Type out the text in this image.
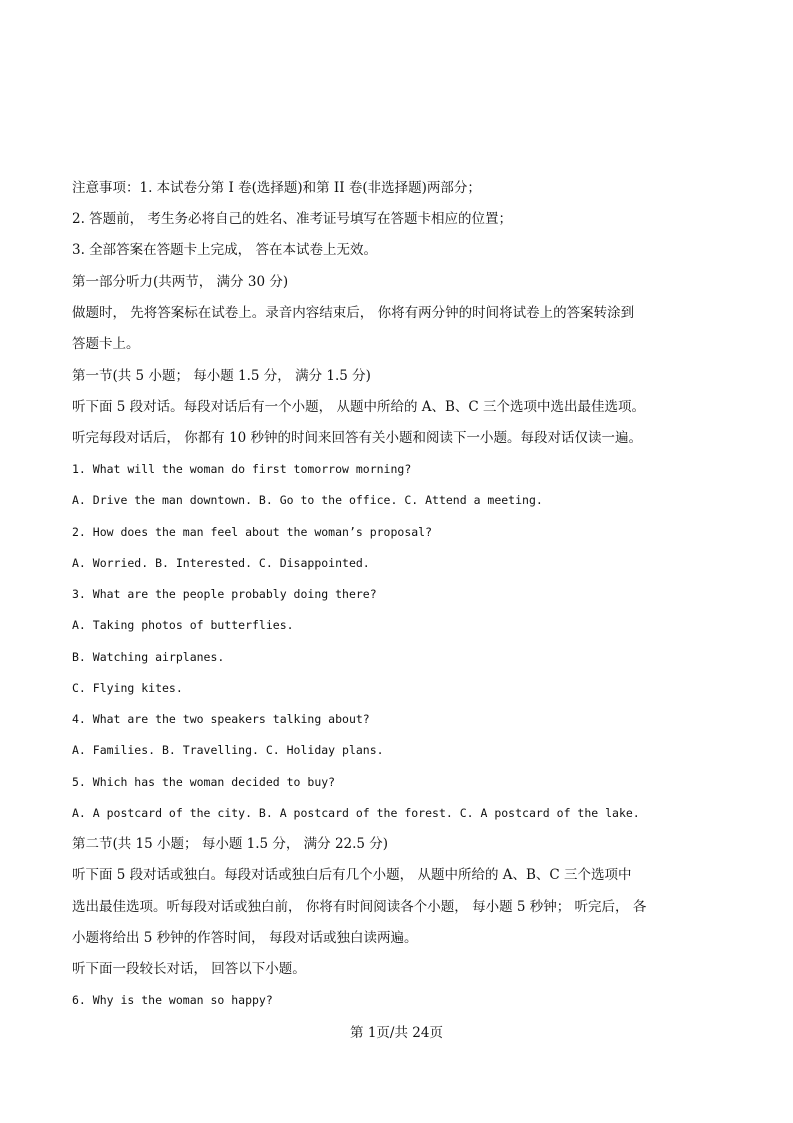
注意事项：1. 本试卷分第 I 卷(选择题)和第 II 卷(非选择题)两部分；
2. 答题前， 考生务必将自己的姓名、准考证号填写在答题卡相应的位置；
3. 全部答案在答题卡上完成， 答在本试卷上无效。
第一部分听力(共两节， 满分 30 分)
做题时， 先将答案标在试卷上。录音内容结束后， 你将有两分钟的时间将试卷上的答案转涂到
答题卡上。
第一节(共 5 小题； 每小题 1.5 分， 满分 1.5 分)
听下面 5 段对话。每段对话后有一个小题， 从题中所给的 A、B、C 三个选项中选出最佳选项。
听完每段对话后， 你都有 10 秒钟的时间来回答有关小题和阅读下一小题。每段对话仅读一遍。
1. What will the woman do first tomorrow morning?
A. Drive the man downtown. B. Go to the office. C. Attend a meeting.
2. How does the man feel about the woman’s proposal?
A. Worried. B. Interested. C. Disappointed.
3. What are the people probably doing there?
A. Taking photos of butterflies.
B. Watching airplanes.
C. Flying kites.
4. What are the two speakers talking about?
A. Families. B. Travelling. C. Holiday plans.
5. Which has the woman decided to buy?
A. A postcard of the city. B. A postcard of the forest. C. A postcard of the lake.
第二节(共 15 小题； 每小题 1.5 分， 满分 22.5 分)
听下面 5 段对话或独白。每段对话或独白后有几个小题， 从题中所给的 A、B、C 三个选项中
选出最佳选项。听每段对话或独白前， 你将有时间阅读各个小题， 每小题 5 秒钟； 听完后， 各
小题将给出 5 秒钟的作答时间， 每段对话或独白读两遍。
听下面一段较长对话， 回答以下小题。
6. Why is the woman so happy?
第 1页/共 24页
